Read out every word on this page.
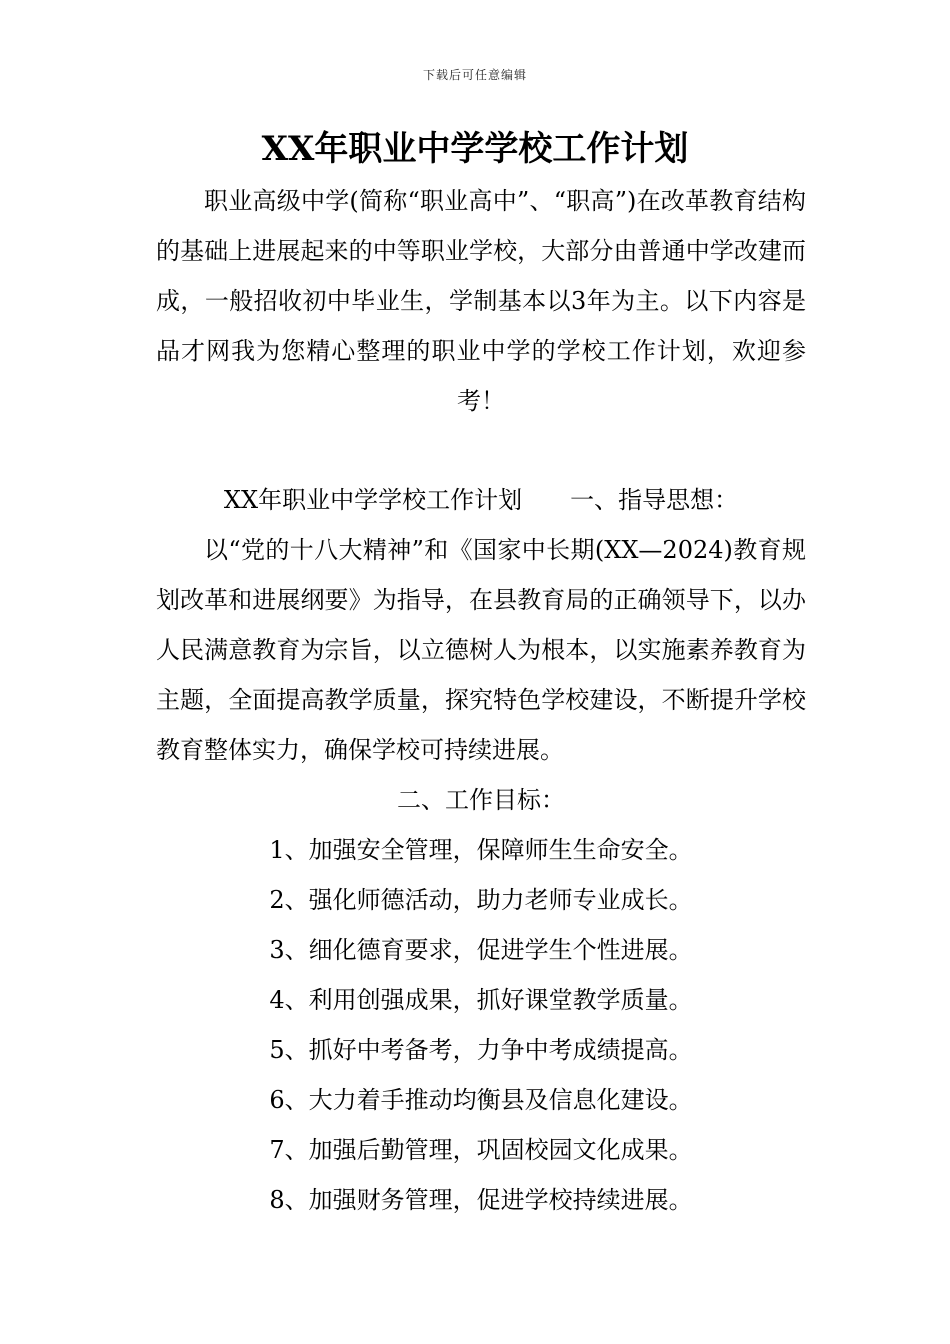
下载后可任意编辑
XX年职业中学学校工作计划

职业高级中学(简称“职业高中”、“职高”)在改革教育结构的基础上进展起来的中等职业学校，大部分由普通中学改建而成，一般招收初中毕业生，学制基本以3年为主。以下内容是品才网我为您精心整理的职业中学的学校工作计划，欢迎参考！

XX年职业中学学校工作计划 一、指导思想：

以“党的十八大精神”和《国家中长期(XX—2024)教育规划改革和进展纲要》为指导，在县教育局的正确领导下，以办人民满意教育为宗旨，以立德树人为根本，以实施素养教育为主题，全面提高教学质量，探究特色学校建设，不断提升学校教育整体实力，确保学校可持续进展。

二、工作目标：

1、加强安全管理，保障师生生命安全。
2、强化师德活动，助力老师专业成长。
3、细化德育要求，促进学生个性进展。
4、利用创强成果，抓好课堂教学质量。
5、抓好中考备考，力争中考成绩提高。
6、大力着手推动均衡县及信息化建设。
7、加强后勤管理，巩固校园文化成果。
8、加强财务管理，促进学校持续进展。
